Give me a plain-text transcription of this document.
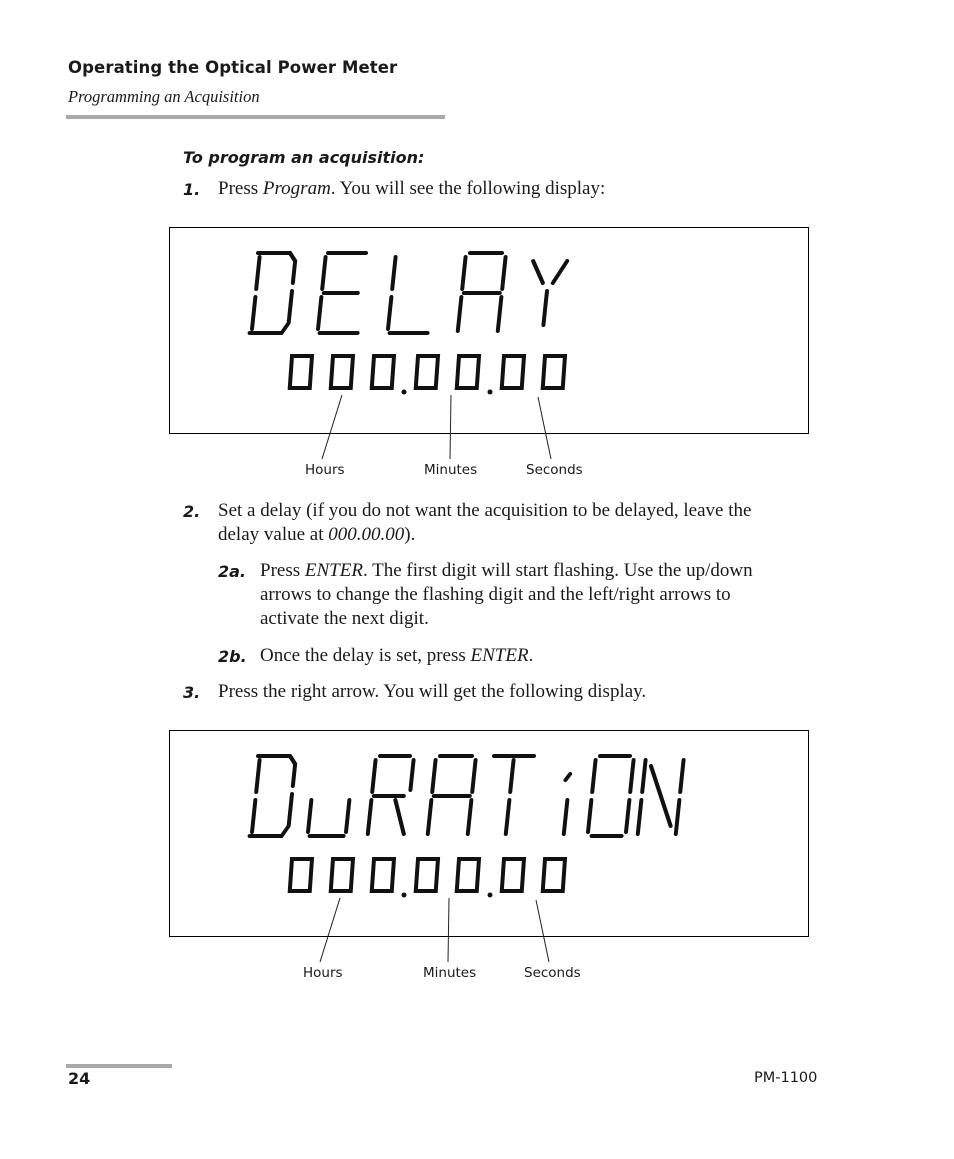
Operating the Optical Power Meter
Programming an Acquisition
To program an acquisition:
1. Press Program. You will see the following display:
Hours	Minutes	Seconds
2. Set a delay (if you do not want the acquisition to be delayed, leave the
delay value at 000.00.00).
2a. Press ENTER. The first digit will start flashing. Use the up/down
arrows to change the flashing digit and the left/right arrows to
activate the next digit.
2b. Once the delay is set, press ENTER.
3. Press the right arrow. You will get the following display.
Hours	Minutes	Seconds
24	PM-1100
